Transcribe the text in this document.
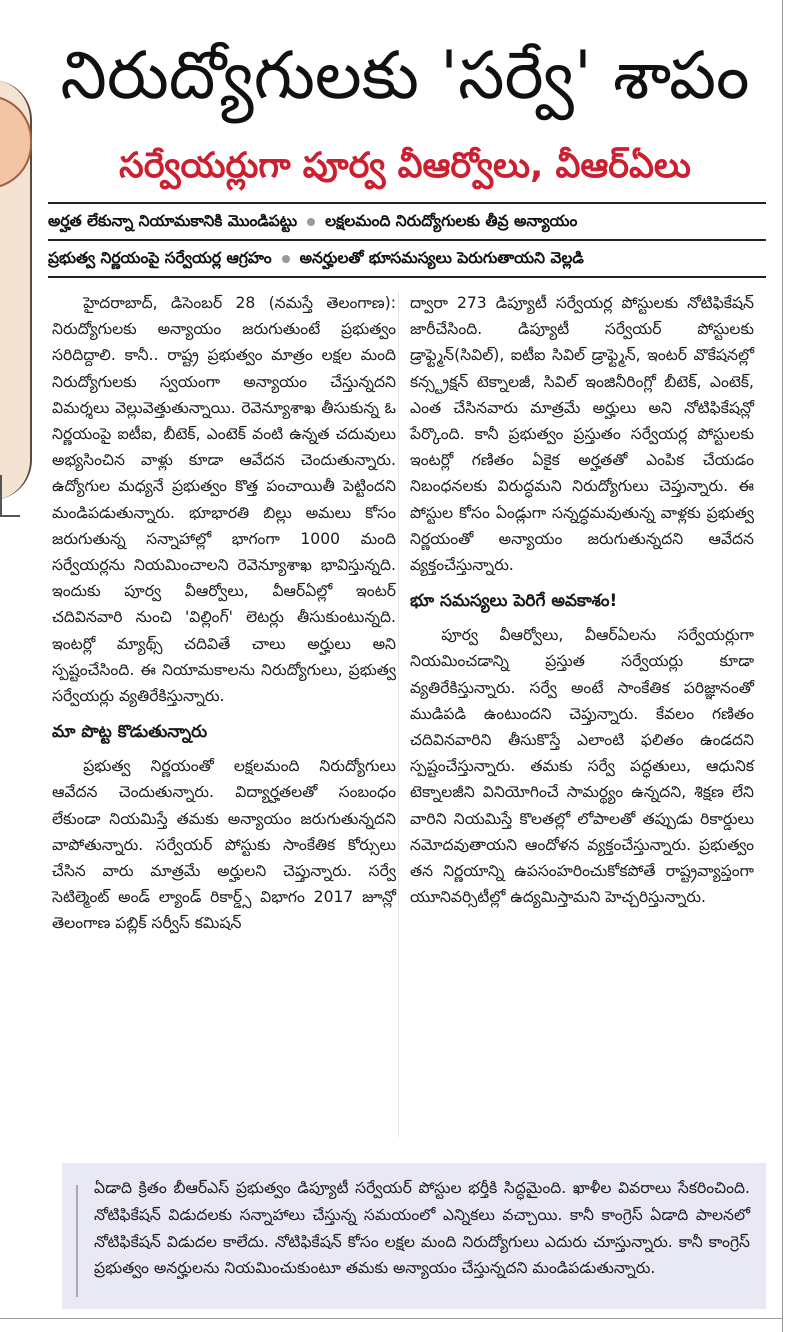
నిరుద్యోగులకు 'సర్వే' శాపం
సర్వేయర్లుగా పూర్వ వీఆర్వోలు, వీఆర్ఏలు
అర్హత లేకున్నా నియామకానికి మొండిపట్టు లక్షలమంది నిరుద్యోగులకు తీవ్ర అన్యాయం
ప్రభుత్వ నిర్ణయంపై సర్వేయర్ల ఆగ్రహం అనర్హులతో భూసమస్యలు పెరుగుతాయని వెల్లడి

హైదరాబాద్, డిసెంబర్ 28 (నమస్తే తెలంగాణ): నిరుద్యోగులకు అన్యాయం జరుగుతుంటే ప్రభుత్వం సరిదిద్దాలి. కానీ.. రాష్ట్ర ప్రభుత్వం మాత్రం లక్షల మంది నిరుద్యోగులకు స్వయంగా అన్యాయం చేస్తున్నదని విమర్శలు వెల్లువెత్తుతున్నాయి. రెవెన్యూశాఖ తీసుకున్న ఓ నిర్ణయంపై ఐటీఐ, బీటెక్, ఎంటెక్ వంటి ఉన్నత చదువులు అభ్యసించిన వాళ్లు కూడా ఆవేదన చెందుతున్నారు. ఉద్యోగుల మధ్యనే ప్రభుత్వం కొత్త పంచాయితీ పెట్టిందని మండిపడుతున్నారు. భూభారతి బిల్లు అమలు కోసం జరుగుతున్న సన్నాహాల్లో భాగంగా 1000 మంది సర్వేయర్లను నియమించాలని రెవెన్యూశాఖ భావిస్తున్నది. ఇందుకు పూర్వ వీఆర్వోలు, వీఆర్ఏల్లో ఇంటర్ చదివినవారి నుంచి 'విల్లింగ్' లెటర్లు తీసుకుంటున్నది. ఇంటర్లో మ్యాథ్స్ చదివితే చాలు అర్హులు అని స్పష్టంచేసింది. ఈ నియామకాలను నిరుద్యోగులు, ప్రభుత్వ సర్వేయర్లు వ్యతిరేకిస్తున్నారు.

మా పొట్ట కొడుతున్నారు

ప్రభుత్వ నిర్ణయంతో లక్షలమంది నిరుద్యోగులు ఆవేదన చెందుతున్నారు. విద్యార్హతలతో సంబంధం లేకుండా నియమిస్తే తమకు అన్యాయం జరుగుతున్నదని వాపోతున్నారు. సర్వేయర్ పోస్టుకు సాంకేతిక కోర్సులు చేసిన వారు మాత్రమే అర్హులని చెప్తున్నారు. సర్వే సెటిల్మెంట్ అండ్ ల్యాండ్ రికార్డ్స్ విభాగం 2017 జూన్లో తెలంగాణ పబ్లిక్ సర్వీస్ కమిషన్

ద్వారా 273 డిప్యూటీ సర్వేయర్ల పోస్టులకు నోటిఫికేషన్ జారీచేసింది. డిప్యూటీ సర్వేయర్ పోస్టులకు డ్రాఫ్ట్మెన్(సివిల్), ఐటీఐ సివిల్ డ్రాఫ్ట్మెన్, ఇంటర్ వొకేషనల్లో కన్స్ట్రక్షన్ టెక్నాలజీ, సివిల్ ఇంజినీరింగ్లో బీటెక్, ఎంటెక్, ఎంత చేసినవారు మాత్రమే అర్హులు అని నోటిఫికేషన్లో పేర్కొంది. కానీ ప్రభుత్వం ప్రస్తుతం సర్వేయర్ల పోస్టులకు ఇంటర్లో గణితం ఏకైక అర్హతతో ఎంపిక చేయడం నిబంధనలకు విరుద్ధమని నిరుద్యోగులు చెప్తున్నారు. ఈ పోస్టుల కోసం ఏండ్లుగా సన్నద్ధమవుతున్న వాళ్లకు ప్రభుత్వ నిర్ణయంతో అన్యాయం జరుగుతున్నదని ఆవేదన వ్యక్తంచేస్తున్నారు.

భూ సమస్యలు పెరిగే అవకాశం!

పూర్వ వీఆర్వోలు, వీఆర్ఏలను సర్వేయర్లుగా నియమించడాన్ని ప్రస్తుత సర్వేయర్లు కూడా వ్యతిరేకిస్తున్నారు. సర్వే అంటే సాంకేతిక పరిజ్ఞానంతో ముడిపడి ఉంటుందని చెప్తున్నారు. కేవలం గణితం చదివినవారిని తీసుకొస్తే ఎలాంటి ఫలితం ఉండదని స్పష్టంచేస్తున్నారు. తమకు సర్వే పద్ధతులు, ఆధునిక టెక్నాలజీని వినియోగించే సామర్థ్యం ఉన్నదని, శిక్షణ లేని వారిని నియమిస్తే కొలతల్లో లోపాలతో తప్పుడు రికార్డులు నమోదవుతాయని ఆందోళన వ్యక్తంచేస్తున్నారు. ప్రభుత్వం తన నిర్ణయాన్ని ఉపసంహరించుకోకపోతే రాష్ట్రవ్యాప్తంగా యూనివర్సిటీల్లో ఉద్యమిస్తామని హెచ్చరిస్తున్నారు.

ఏడాది క్రితం బీఆర్ఎస్ ప్రభుత్వం డిప్యూటీ సర్వేయర్ పోస్టుల భర్తీకి సిద్ధమైంది. ఖాళీల వివరాలు సేకరించింది. నోటిఫికేషన్ విడుదలకు సన్నాహాలు చేస్తున్న సమయంలో ఎన్నికలు వచ్చాయి. కానీ కాంగ్రెస్ ఏడాది పాలనలో నోటిఫికేషన్ విడుదల కాలేదు. నోటిఫికేషన్ కోసం లక్షల మంది నిరుద్యోగులు ఎదురు చూస్తున్నారు. కానీ కాంగ్రెస్ ప్రభుత్వం అనర్హులను నియమించుకుంటూ తమకు అన్యాయం చేస్తున్నదని మండిపడుతున్నారు.
